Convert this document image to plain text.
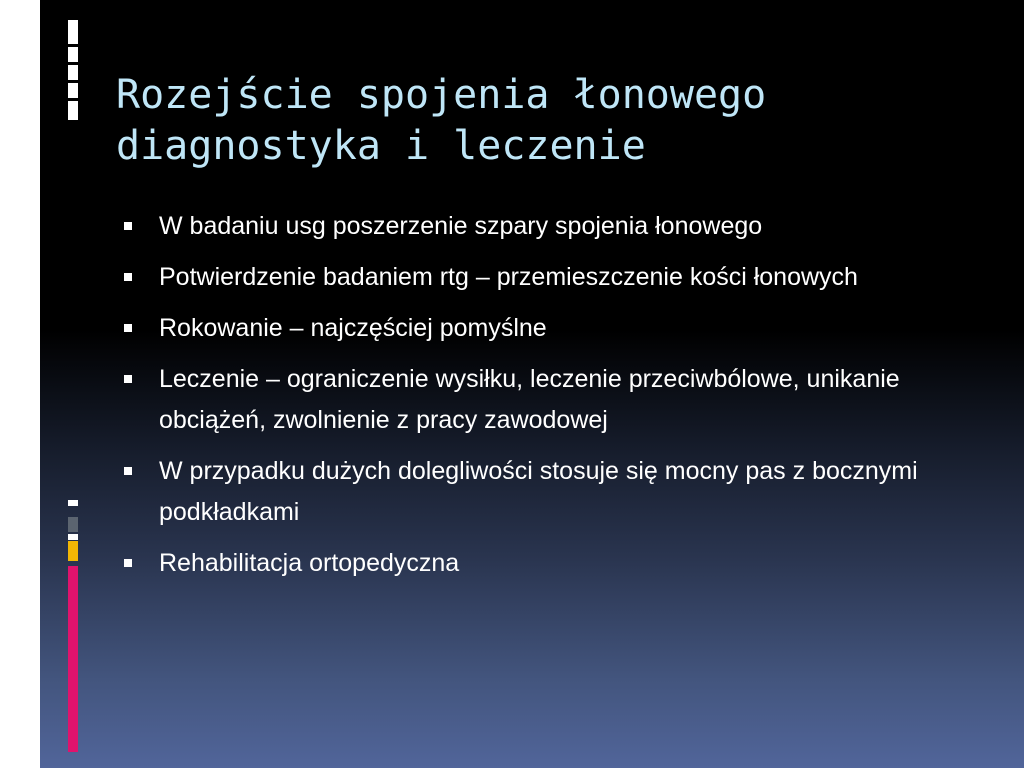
Rozejście spojenia łonowego
diagnostyka i leczenie
W badaniu usg poszerzenie szpary spojenia łonowego
Potwierdzenie badaniem rtg – przemieszczenie kości łonowych
Rokowanie – najczęściej pomyślne
Leczenie – ograniczenie wysiłku, leczenie przeciwbólowe, unikanie obciążeń, zwolnienie z pracy zawodowej
W przypadku dużych dolegliwości stosuje się mocny pas z bocznymi podkładkami
Rehabilitacja ortopedyczna
